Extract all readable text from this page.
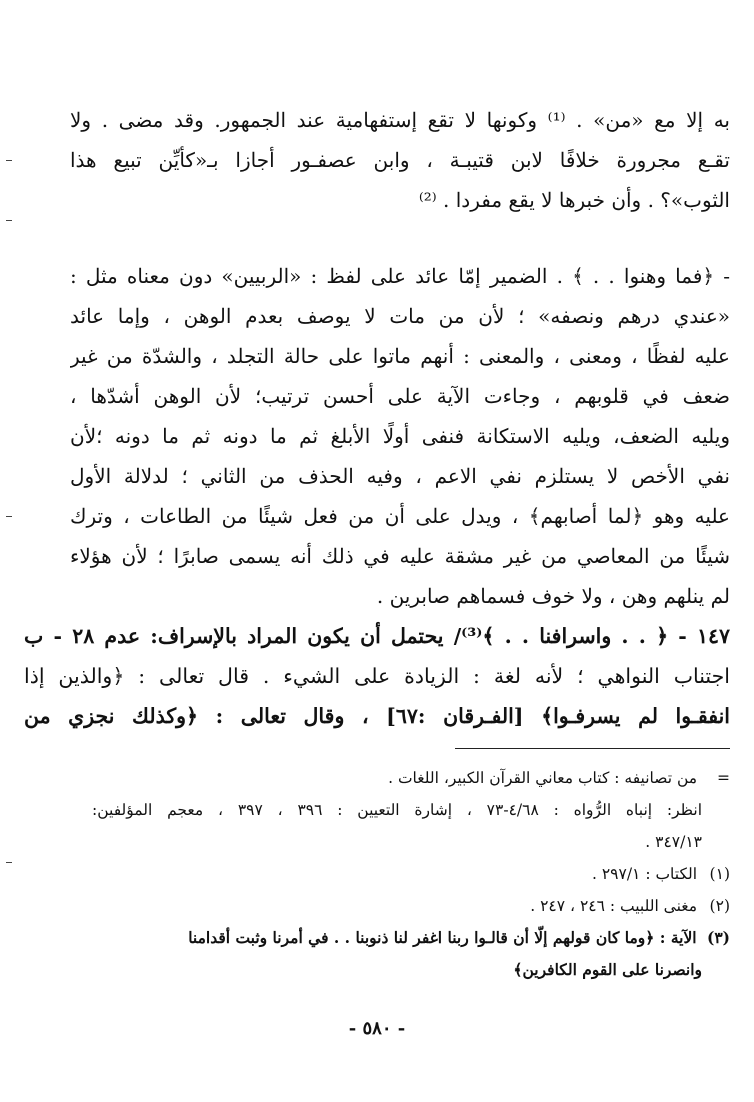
به إلا مع «من» . ⁽¹⁾ وكونها لا تقع إستفهامية عند الجمهور. وقد مضى . ولا
تقـع مجرورة خلافًا لابن قتيبـة ، وابن عصفـور أجازا بـ«كأيِّن تبيع هذا
الثوب»؟ . وأن خبرها لا يقع مفردا . ⁽²⁾
- ﴿فما وهنوا . . ﴾ . الضمير إمّا عائد على لفظ : «الربيين» دون معناه مثل :
«عندي درهم ونصفه» ؛ لأن من مات لا يوصف بعدم الوهن ، وإما عائد
عليه لفظًا ، ومعنى ، والمعنى : أنهم ماتوا على حالة التجلد ، والشدّة من غير
ضعف في قلوبهم ، وجاءت الآية على أحسن ترتيب؛ لأن الوهن أشدّها ،
ويليه الضعف، ويليه الاستكانة فنفى أولًا الأبلغ ثم ما دونه ثم ما دونه ؛لأن
نفي الأخص لا يستلزم نفي الاعم ، وفيه الحذف من الثاني ؛ لدلالة الأول
عليه وهو ﴿لما أصابهم﴾ ، ويدل على أن من فعل شيئًا من الطاعات ، وترك
شيئًا من المعاصي من غير مشقة عليه في ذلك أنه يسمى صابرًا ؛ لأن هؤلاء
لم ينلهم وهن ، ولا خوف فسماهم صابرين .
١٤٧ - ﴿ . . واسرافنا . . ﴾⁽³⁾/ يحتمل أن يكون المراد بالإسراف: عدم ٢٨ - ب
اجتناب النواهي ؛ لأنه لغة : الزيادة على الشيء . قال تعالى : ﴿والذين إذا
انفقـوا لم يسرفـوا﴾ [الفـرقان :٦٧] ، وقال تعالى : ﴿وكذلك نجزي من
= من تصانيفه : كتاب معاني القرآن الكبير، اللغات .
انظر: إنباه الرُّواه : ٤/٦٨-٧٣ ، إشارة التعيين : ٣٩٦ ، ٣٩٧ ، معجم المؤلفين:
٣٤٧/١٣ .
(١) الكتاب : ٢٩٧/١ .
(٢) مغنى اللبيب : ٢٤٦ ، ٢٤٧ .
(٣) الآية : ﴿وما كان قولهم إلّا أن قالـوا ربنا اغفر لنا ذنوبنا . . في أمرنا وثبت أقدامنا
وانصرنا على القوم الكافرين﴾
- ٥٨٠ -
